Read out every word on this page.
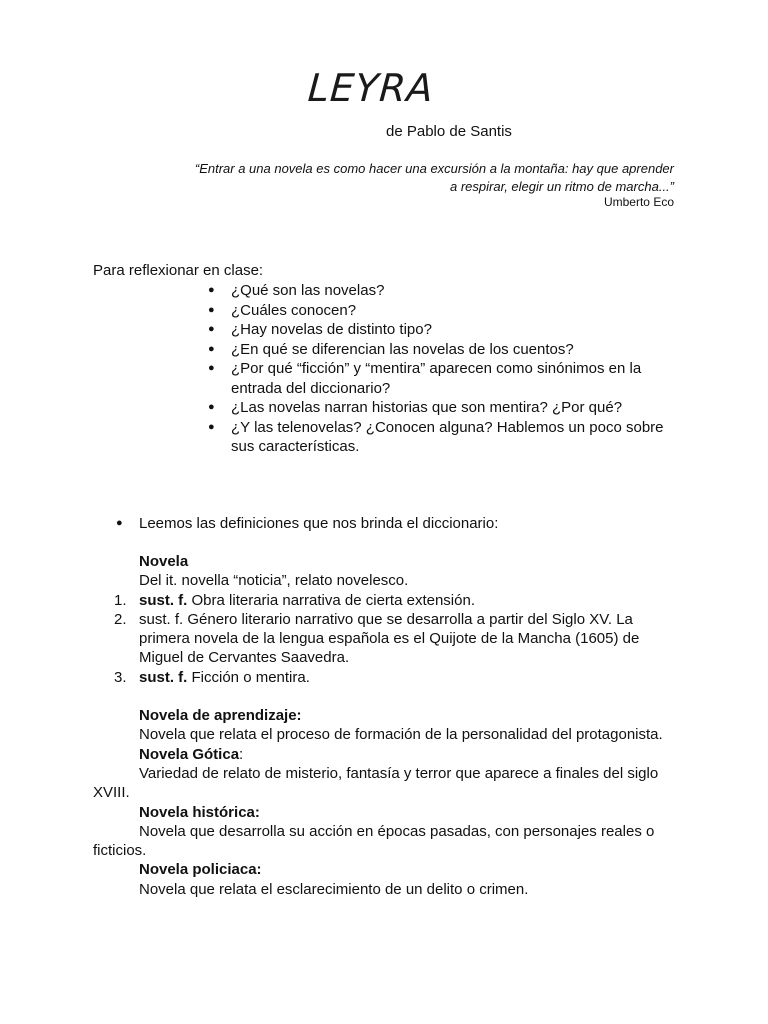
LEYRA
de Pablo de Santis
“Entrar a una novela es como hacer una excursión a la montaña: hay que aprender a respirar, elegir un ritmo de marcha...”
Umberto Eco
Para reflexionar en clase:
● ¿Qué son las novelas?
● ¿Cuáles conocen?
● ¿Hay novelas de distinto tipo?
● ¿En qué se diferencian las novelas de los cuentos?
● ¿Por qué “ficción” y “mentira” aparecen como sinónimos en la entrada del diccionario?
● ¿Las novelas narran historias que son mentira? ¿Por qué?
● ¿Y las telenovelas? ¿Conocen alguna? Hablemos un poco sobre sus características.
●	Leemos las definiciones que nos brinda el diccionario:
Novela
Del it. novella “noticia”, relato novelesco.
1. sust. f. Obra literaria narrativa de cierta extensión.
2. sust. f. Género literario narrativo que se desarrolla a partir del Siglo XV. La primera novela de la lengua española es el Quijote de la Mancha (1605) de Miguel de Cervantes Saavedra.
3. sust. f. Ficción o mentira.
Novela de aprendizaje:
Novela que relata el proceso de formación de la personalidad del protagonista.
Novela Gótica:
Variedad de relato de misterio, fantasía y terror que aparece a finales del siglo XVIII.
Novela histórica:
Novela que desarrolla su acción en épocas pasadas, con personajes reales o ficticios.
Novela policiaca:
Novela que relata el esclarecimiento de un delito o crimen.
